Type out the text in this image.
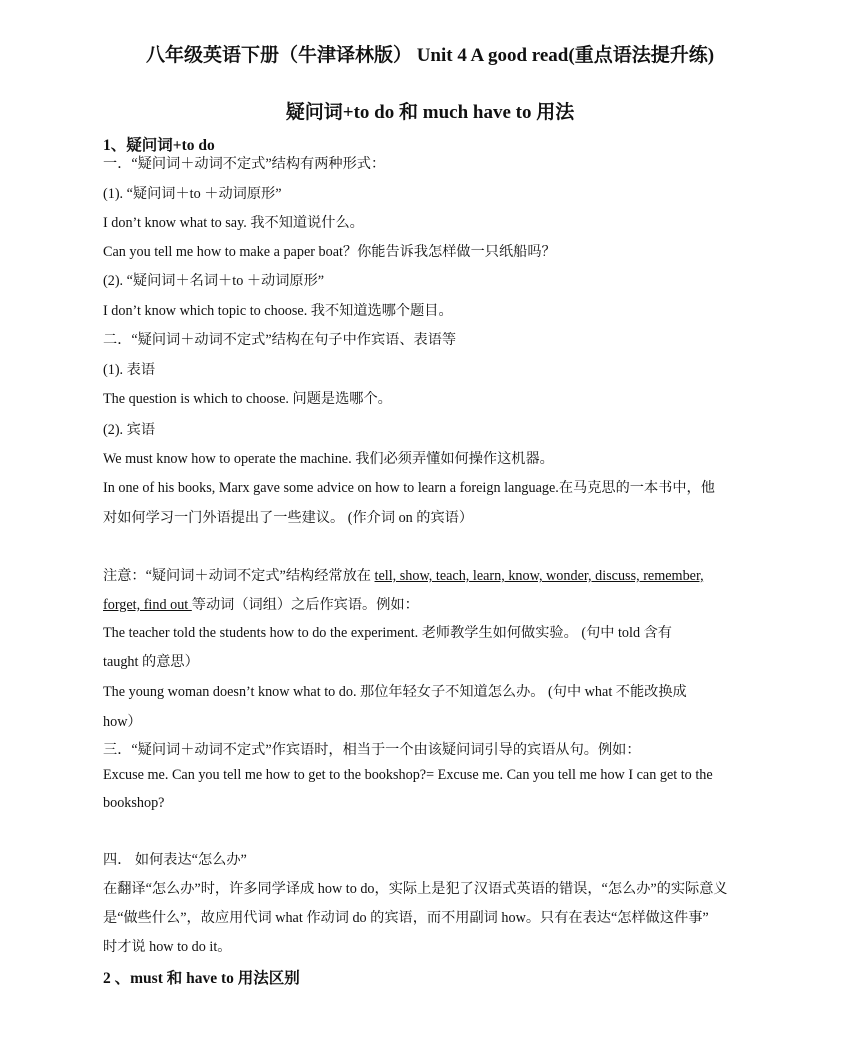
八年级英语下册（牛津译林版） Unit 4 A good read(重点语法提升练)
疑问词+to do 和 much have to 用法
1、疑问词+to do
一．“疑问词＋动词不定式”结构有两种形式：
(1). “疑问词＋to ＋动词原形”
I don’t know what to say. 我不知道说什么。
Can you tell me how to make a paper boat？你能告诉我怎样做一只纸船吗？
(2). “疑问词＋名词＋to ＋动词原形”
I don’t know which topic to choose. 我不知道选哪个题目。
二．“疑问词＋动词不定式”结构在句子中作宾语、表语等
(1). 表语
The question is which to choose. 问题是选哪个。
(2). 宾语
We must know how to operate the machine. 我们必须弄懂如何操作这机器。
In one of his books, Marx gave some advice on how to learn a foreign language.在马克思的一本书中，他
对如何学习一门外语提出了一些建议。 (作介词 on 的宾语）
注意：“疑问词＋动词不定式”结构经常放在 tell, show, teach, learn, know, wonder, discuss, remember,
forget, find out 等动词（词组）之后作宾语。例如：
The teacher told the students how to do the experiment. 老师教学生如何做实验。 (句中 told 含有
taught 的意思）
The young woman doesn’t know what to do. 那位年轻女子不知道怎么办。 (句中 what 不能改换成
how）
三．“疑问词＋动词不定式”作宾语时，相当于一个由该疑问词引导的宾语从句。例如：
Excuse me. Can you tell me how to get to the bookshop?= Excuse me. Can you tell me how I can get to the
bookshop?
四． 如何表达“怎么办”
在翻译“怎么办”时，许多同学译成 how to do，实际上是犯了汉语式英语的错误，“怎么办”的实际意义
是“做些什么”，故应用代词 what 作动词 do 的宾语，而不用副词 how。只有在表达“怎样做这件事”
时才说 how to do it。
2 、must 和 have to 用法区别
